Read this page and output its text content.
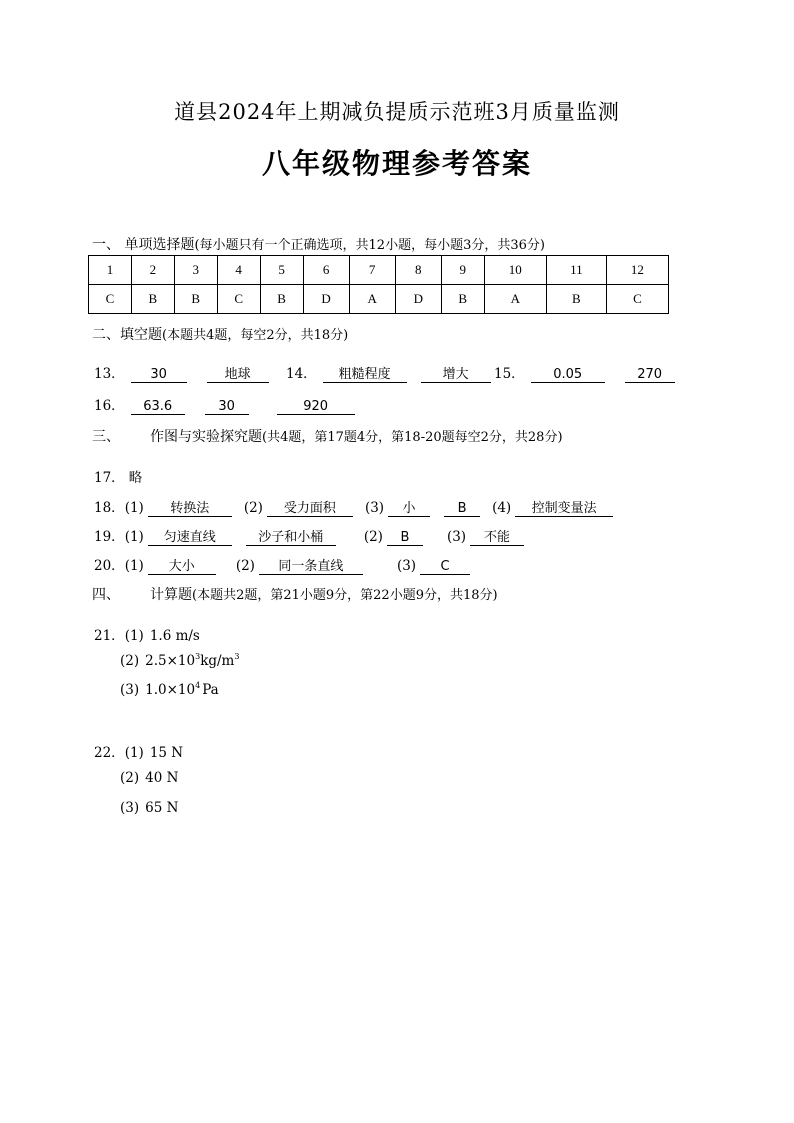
道县2024年上期减负提质示范班3月质量监测
八年级物理参考答案
一、 单项选择题(每小题只有一个正确选项，共12小题，每小题3分，共36分)
1	2	3	4	5	6	7	8	9	10	11	12
C	B	B	C	B	D	A	D	B	A	B	C
二、填空题(本题共4题，每空2分，共18分)
13． 30	地球	14． 粗糙程度	增大	15． 0.05	270
16． 63.6	30	920
三、 作图与实验探究题(共4题，第17题4分，第18-20题每空2分，共28分)
17． 略
18．(1) 转换法	(2) 受力面积 (3) 小	B (4) 控制变量法
19．(1) 匀速直线	沙子和小桶	(2) B	(3) 不能
20．(1) 大小	(2) 同一条直线	(3) C
四、 计算题(本题共2题，第21小题9分，第22小题9分，共18分)
21．(1) 1.6 m/s
(2) $2.5\times 10^3kg/m^3$
(3) $1.0\times 10^4$ Pa
22．(1) 15 N
(2) 40 N
(3) 65 N
